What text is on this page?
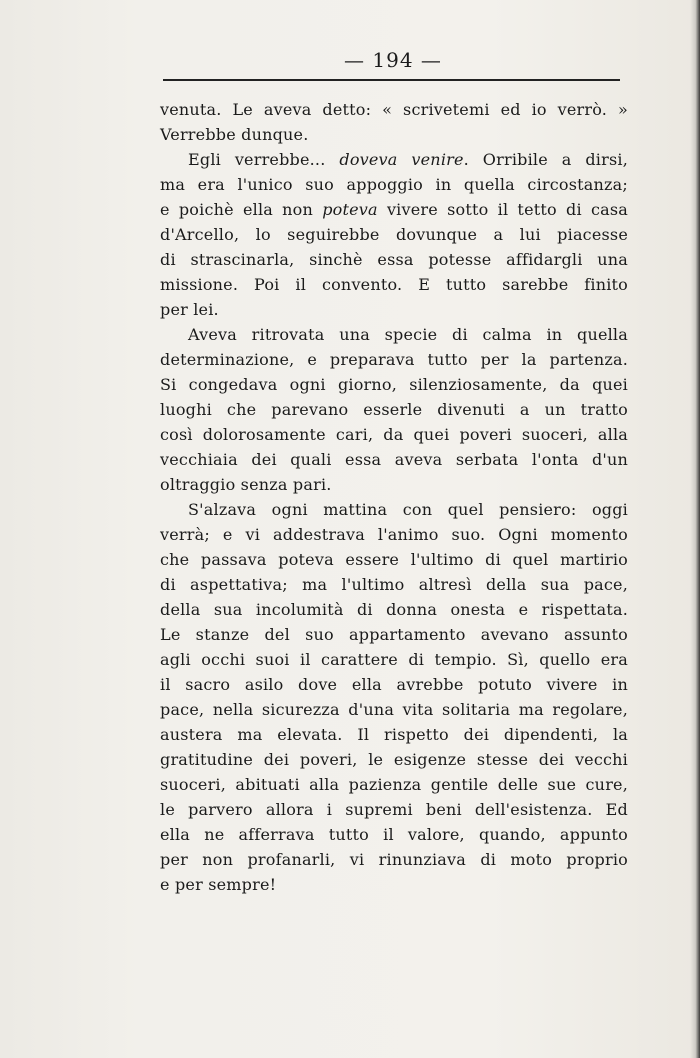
— 194 —
venuta. Le aveva detto: « scrivetemi ed io verrò. »
Verrebbe dunque.
Egli verrebbe... doveva venire. Orribile a dirsi,
ma era l'unico suo appoggio in quella circostanza;
e poichè ella non poteva vivere sotto il tetto di casa
d'Arcello, lo seguirebbe dovunque a lui piacesse
di strascinarla, sinchè essa potesse affidargli una
missione. Poi il convento. E tutto sarebbe finito
per lei.
Aveva ritrovata una specie di calma in quella
determinazione, e preparava tutto per la partenza.
Si congedava ogni giorno, silenziosamente, da quei
luoghi che parevano esserle divenuti a un tratto
così dolorosamente cari, da quei poveri suoceri, alla
vecchiaia dei quali essa aveva serbata l'onta d'un
oltraggio senza pari.
S'alzava ogni mattina con quel pensiero: oggi
verrà; e vi addestrava l'animo suo. Ogni momento
che passava poteva essere l'ultimo di quel martirio
di aspettativa; ma l'ultimo altresì della sua pace,
della sua incolumità di donna onesta e rispettata.
Le stanze del suo appartamento avevano assunto
agli occhi suoi il carattere di tempio. Sì, quello era
il sacro asilo dove ella avrebbe potuto vivere in
pace, nella sicurezza d'una vita solitaria ma regolare,
austera ma elevata. Il rispetto dei dipendenti, la
gratitudine dei poveri, le esigenze stesse dei vecchi
suoceri, abituati alla pazienza gentile delle sue cure,
le parvero allora i supremi beni dell'esistenza. Ed
ella ne afferrava tutto il valore, quando, appunto
per non profanarli, vi rinunziava di moto proprio
e per sempre!
